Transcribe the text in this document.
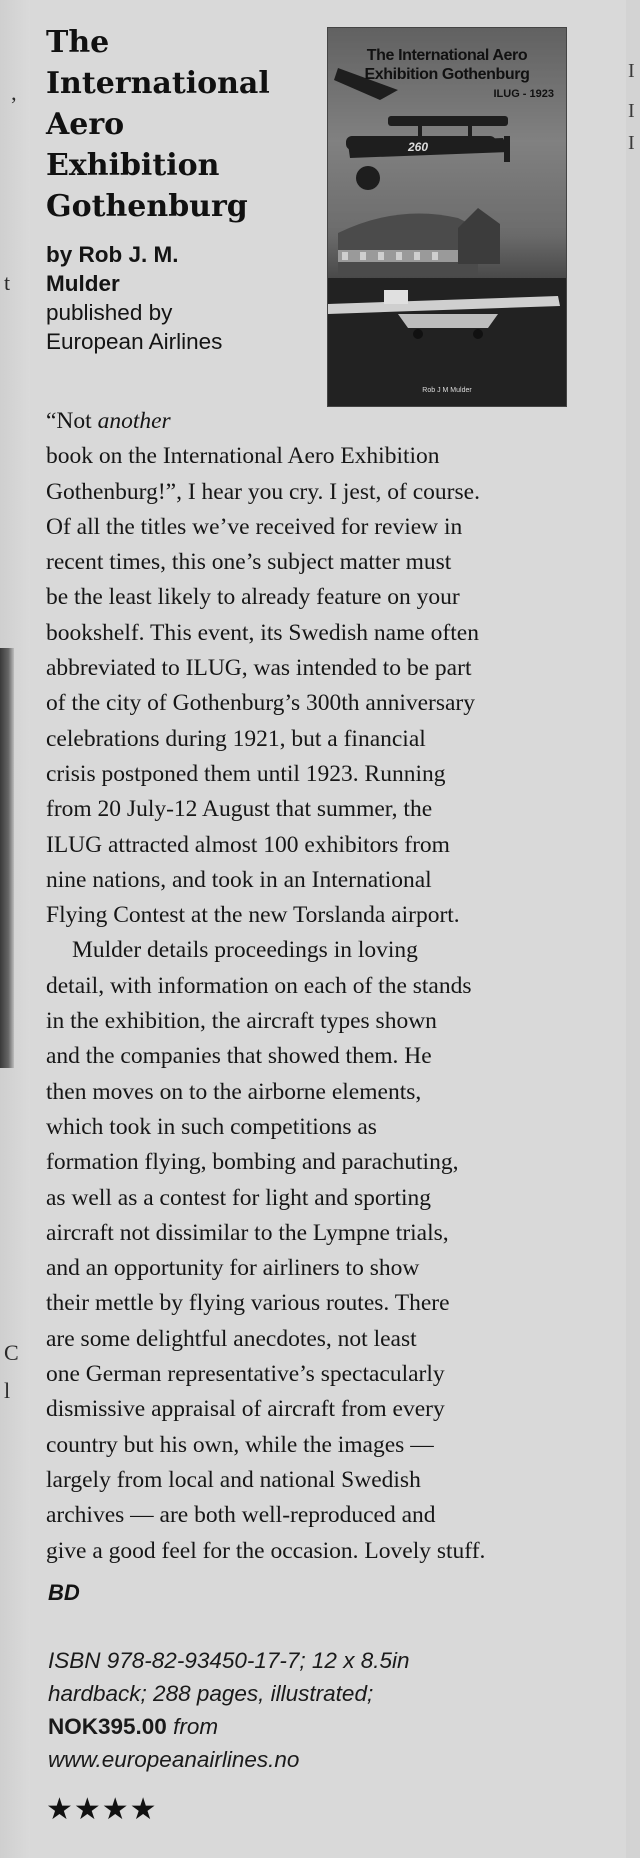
’
t
C
l
I
I
I
The
International
Aero
Exhibition
Gothenburg
by Rob J. M.
Mulder
published by
European Airlines
The International Aero
Exhibition Gothenburg
ILUG - 1923
260
Rob J M Mulder

“Not another
book on the International Aero Exhibition
Gothenburg!”, I hear you cry. I jest, of course.
Of all the titles we’ve received for review in
recent times, this one’s subject matter must
be the least likely to already feature on your
bookshelf. This event, its Swedish name often
abbreviated to ILUG, was intended to be part
of the city of Gothenburg’s 300th anniversary
celebrations during 1921, but a financial
crisis postponed them until 1923. Running
from 20 July-12 August that summer, the
ILUG attracted almost 100 exhibitors from
nine nations, and took in an International
Flying Contest at the new Torslanda airport.

Mulder details proceedings in loving
detail, with information on each of the stands
in the exhibition, the aircraft types shown
and the companies that showed them. He
then moves on to the airborne elements,
which took in such competitions as
formation flying, bombing and parachuting,
as well as a contest for light and sporting
aircraft not dissimilar to the Lympne trials,
and an opportunity for airliners to show
their mettle by flying various routes. There
are some delightful anecdotes, not least
one German representative’s spectacularly
dismissive appraisal of aircraft from every
country but his own, while the images —
largely from local and national Swedish
archives — are both well-reproduced and
give a good feel for the occasion. Lovely stuff.

BD
ISBN 978-82-93450-17-7; 12 x 8.5in
hardback; 288 pages, illustrated;
NOK395.00 from
www.europeanairlines.no
★★★★
